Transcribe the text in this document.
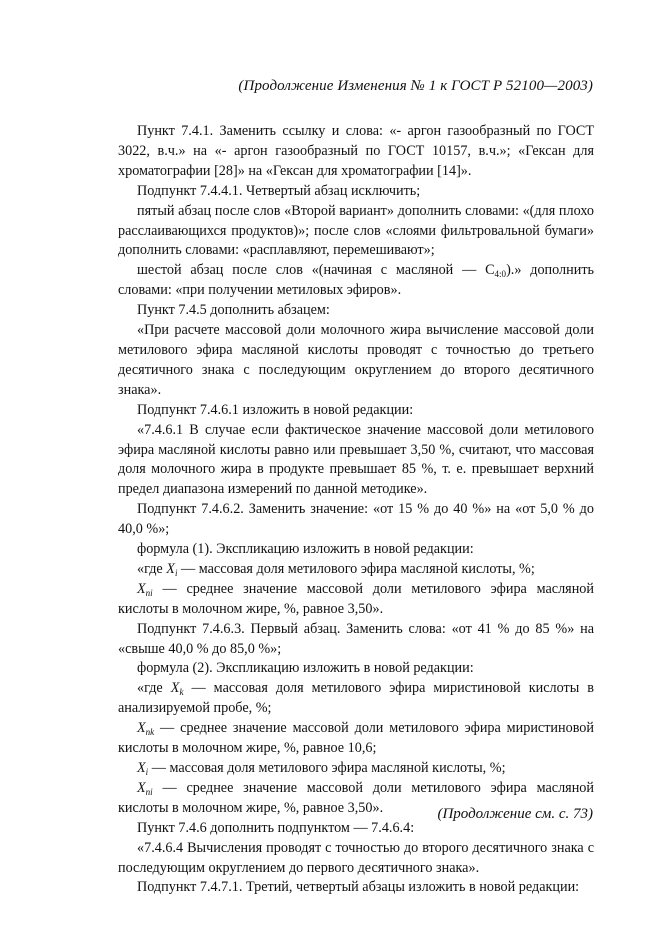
(Продолжение Изменения № 1 к ГОСТ Р 52100—2003)

Пункт 7.4.1. Заменить ссылку и слова: «- аргон газообразный по ГОСТ 3022, в.ч.» на «- аргон газообразный по ГОСТ 10157, в.ч.»; «Гексан для хроматографии [28]» на «Гексан для хроматографии [14]».

Подпункт 7.4.4.1. Четвертый абзац исключить;

пятый абзац после слов «Второй вариант» дополнить словами: «(для плохо расслаивающихся продуктов)»; после слов «слоями фильтровальной бумаги» дополнить словами: «расплавляют, перемешивают»;

шестой абзац после слов «(начиная с масляной — $С_{4:0}$).» дополнить словами: «при получении метиловых эфиров».

Пункт 7.4.5 дополнить абзацем:

«При расчете массовой доли молочного жира вычисление массовой доли метилового эфира масляной кислоты проводят с точностью до третьего десятичного знака с последующим округлением до второго десятичного знака».

Подпункт 7.4.6.1 изложить в новой редакции:

«7.4.6.1 В случае если фактическое значение массовой доли метилового эфира масляной кислоты равно или превышает 3,50 %, считают, что массовая доля молочного жира в продукте превышает 85 %, т. е. превышает верхний предел диапазона измерений по данной методике».

Подпункт 7.4.6.2. Заменить значение: «от 15 % до 40 %» на «от 5,0 % до 40,0 %»;

формула (1). Экспликацию изложить в новой редакции:

«где $X_i$ — массовая доля метилового эфира масляной кислоты, %;

$X_{ni}$ — среднее значение массовой доли метилового эфира масляной кислоты в молочном жире, %, равное 3,50».

Подпункт 7.4.6.3. Первый абзац. Заменить слова: «от 41 % до 85 %» на «свыше 40,0 % до 85,0 %»;

формула (2). Экспликацию изложить в новой редакции:

«где $X_k$ — массовая доля метилового эфира миристиновой кислоты в анализируемой пробе, %;

$X_{nk}$ — среднее значение массовой доли метилового эфира миристиновой кислоты в молочном жире, %, равное 10,6;

$X_i$ — массовая доля метилового эфира масляной кислоты, %;

$X_{ni}$ — среднее значение массовой доли метилового эфира масляной кислоты в молочном жире, %, равное 3,50».

Пункт 7.4.6 дополнить подпунктом — 7.4.6.4:

«7.4.6.4 Вычисления проводят с точностью до второго десятичного знака с последующим округлением до первого десятичного знака».

Подпункт 7.4.7.1. Третий, четвертый абзацы изложить в новой редакции:

(Продолжение см. с. 73)
